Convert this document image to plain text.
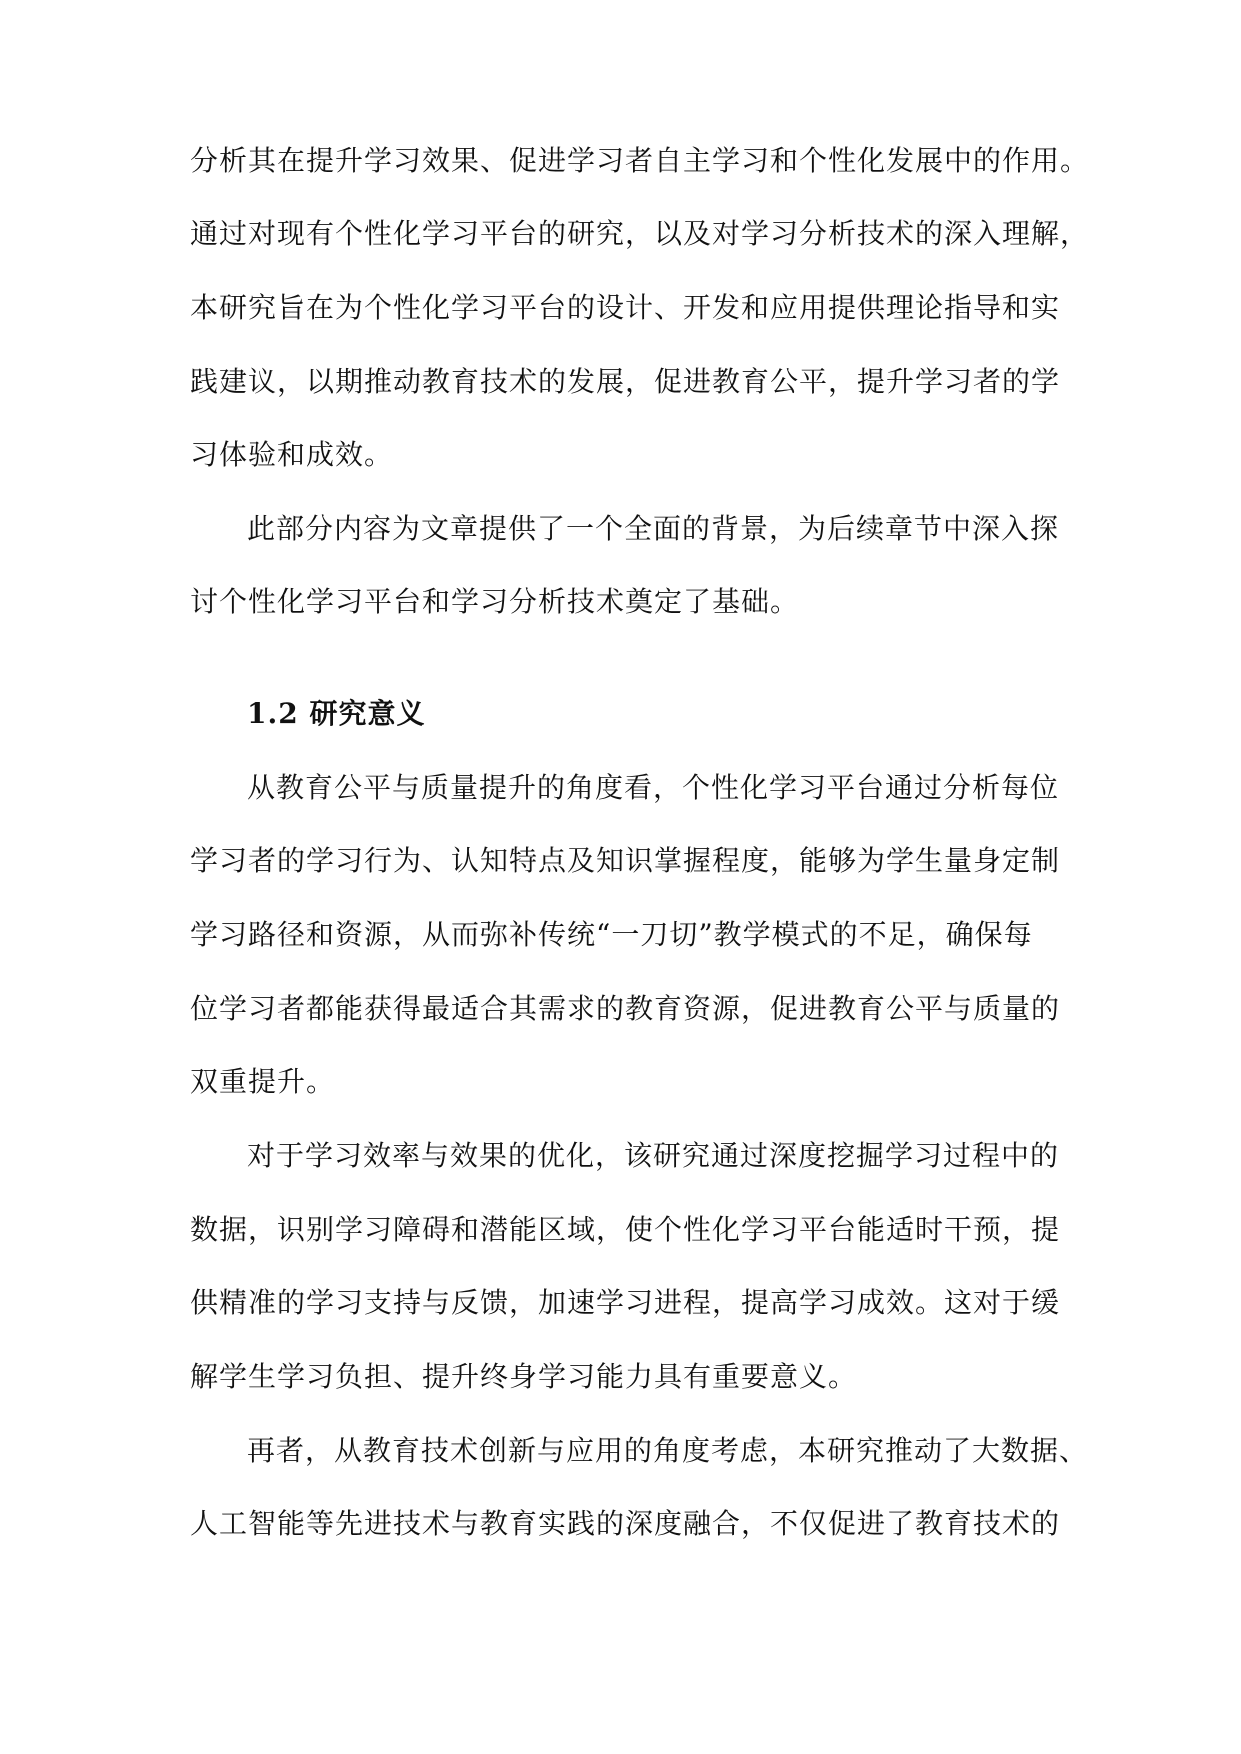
分析其在提升学习效果、促进学习者自主学习和个性化发展中的作用。
通过对现有个性化学习平台的研究，以及对学习分析技术的深入理解，
本研究旨在为个性化学习平台的设计、开发和应用提供理论指导和实
践建议，以期推动教育技术的发展，促进教育公平，提升学习者的学
习体验和成效。
此部分内容为文章提供了一个全面的背景，为后续章节中深入探
讨个性化学习平台和学习分析技术奠定了基础。
1.2 研究意义
从教育公平与质量提升的角度看，个性化学习平台通过分析每位
学习者的学习行为、认知特点及知识掌握程度，能够为学生量身定制
学习路径和资源，从而弥补传统“一刀切”教学模式的不足，确保每
位学习者都能获得最适合其需求的教育资源，促进教育公平与质量的
双重提升。
对于学习效率与效果的优化，该研究通过深度挖掘学习过程中的
数据，识别学习障碍和潜能区域，使个性化学习平台能适时干预，提
供精准的学习支持与反馈，加速学习进程，提高学习成效。这对于缓
解学生学习负担、提升终身学习能力具有重要意义。
再者，从教育技术创新与应用的角度考虑，本研究推动了大数据、
人工智能等先进技术与教育实践的深度融合，不仅促进了教育技术的
